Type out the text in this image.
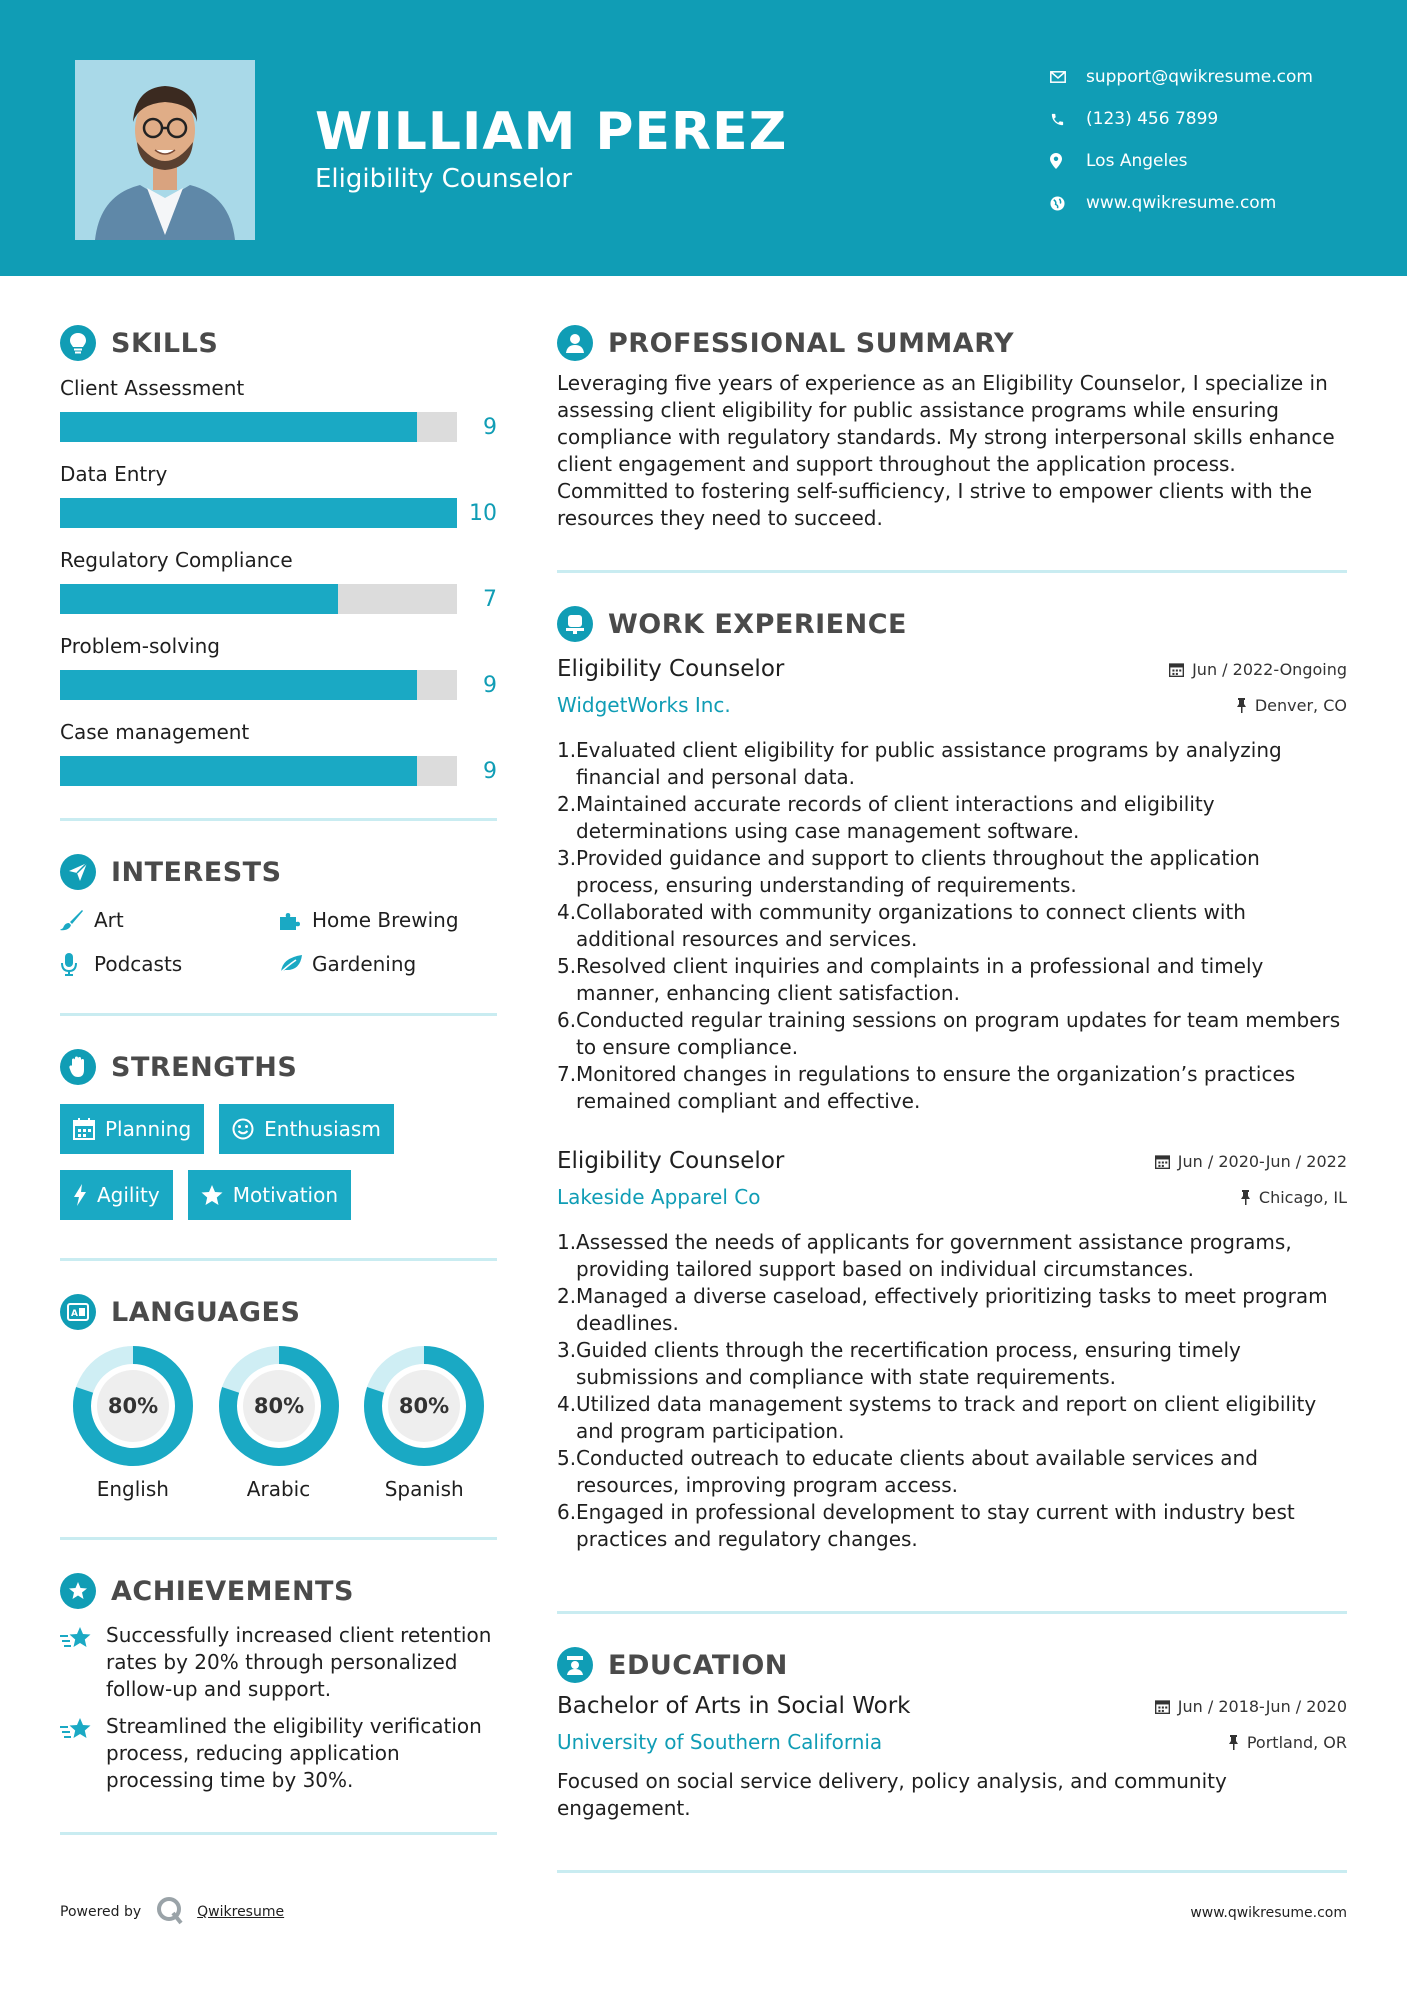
WILLIAM PEREZ
Eligibility Counselor
support@qwikresume.com
(123) 456 7899
Los Angeles
www.qwikresume.com
SKILLS
Client Assessment
9
Data Entry
10
Regulatory Compliance
7
Problem-solving
9
Case management
9
INTERESTS
Art	Home Brewing
Podcasts	Gardening
STRENGTHS
Planning	Enthusiasm
Agility	Motivation
A LANGUAGES
80%
English
80%
Arabic
80%
Spanish
ACHIEVEMENTS
Successfully increased client retention rates by 20% through personalized follow-up and support.
Streamlined the eligibility verification process, reducing application processing time by 30%.
PROFESSIONAL SUMMARY
Leveraging five years of experience as an Eligibility Counselor, I specialize in assessing client eligibility for public assistance programs while ensuring compliance with regulatory standards. My strong interpersonal skills enhance client engagement and support throughout the application process. Committed to fostering self-sufficiency, I strive to empower clients with the resources they need to succeed.
WORK EXPERIENCE
Eligibility Counselor	Jun / 2022-Ongoing
WidgetWorks Inc.	Denver, CO
1. Evaluated client eligibility for public assistance programs by analyzing financial and personal data.
2. Maintained accurate records of client interactions and eligibility determinations using case management software.
3. Provided guidance and support to clients throughout the application process, ensuring understanding of requirements.
4. Collaborated with community organizations to connect clients with additional resources and services.
5. Resolved client inquiries and complaints in a professional and timely manner, enhancing client satisfaction.
6. Conducted regular training sessions on program updates for team members to ensure compliance.
7. Monitored changes in regulations to ensure the organization’s practices remained compliant and effective.
Eligibility Counselor	Jun / 2020-Jun / 2022
Lakeside Apparel Co	Chicago, IL
1. Assessed the needs of applicants for government assistance programs, providing tailored support based on individual circumstances.
2. Managed a diverse caseload, effectively prioritizing tasks to meet program deadlines.
3. Guided clients through the recertification process, ensuring timely submissions and compliance with state requirements.
4. Utilized data management systems to track and report on client eligibility and program participation.
5. Conducted outreach to educate clients about available services and resources, improving program access.
6. Engaged in professional development to stay current with industry best practices and regulatory changes.
EDUCATION
Bachelor of Arts in Social Work	Jun / 2018-Jun / 2020
University of Southern California	Portland, OR
Focused on social service delivery, policy analysis, and community engagement.
Powered by	Qwikresume	www.qwikresume.com
